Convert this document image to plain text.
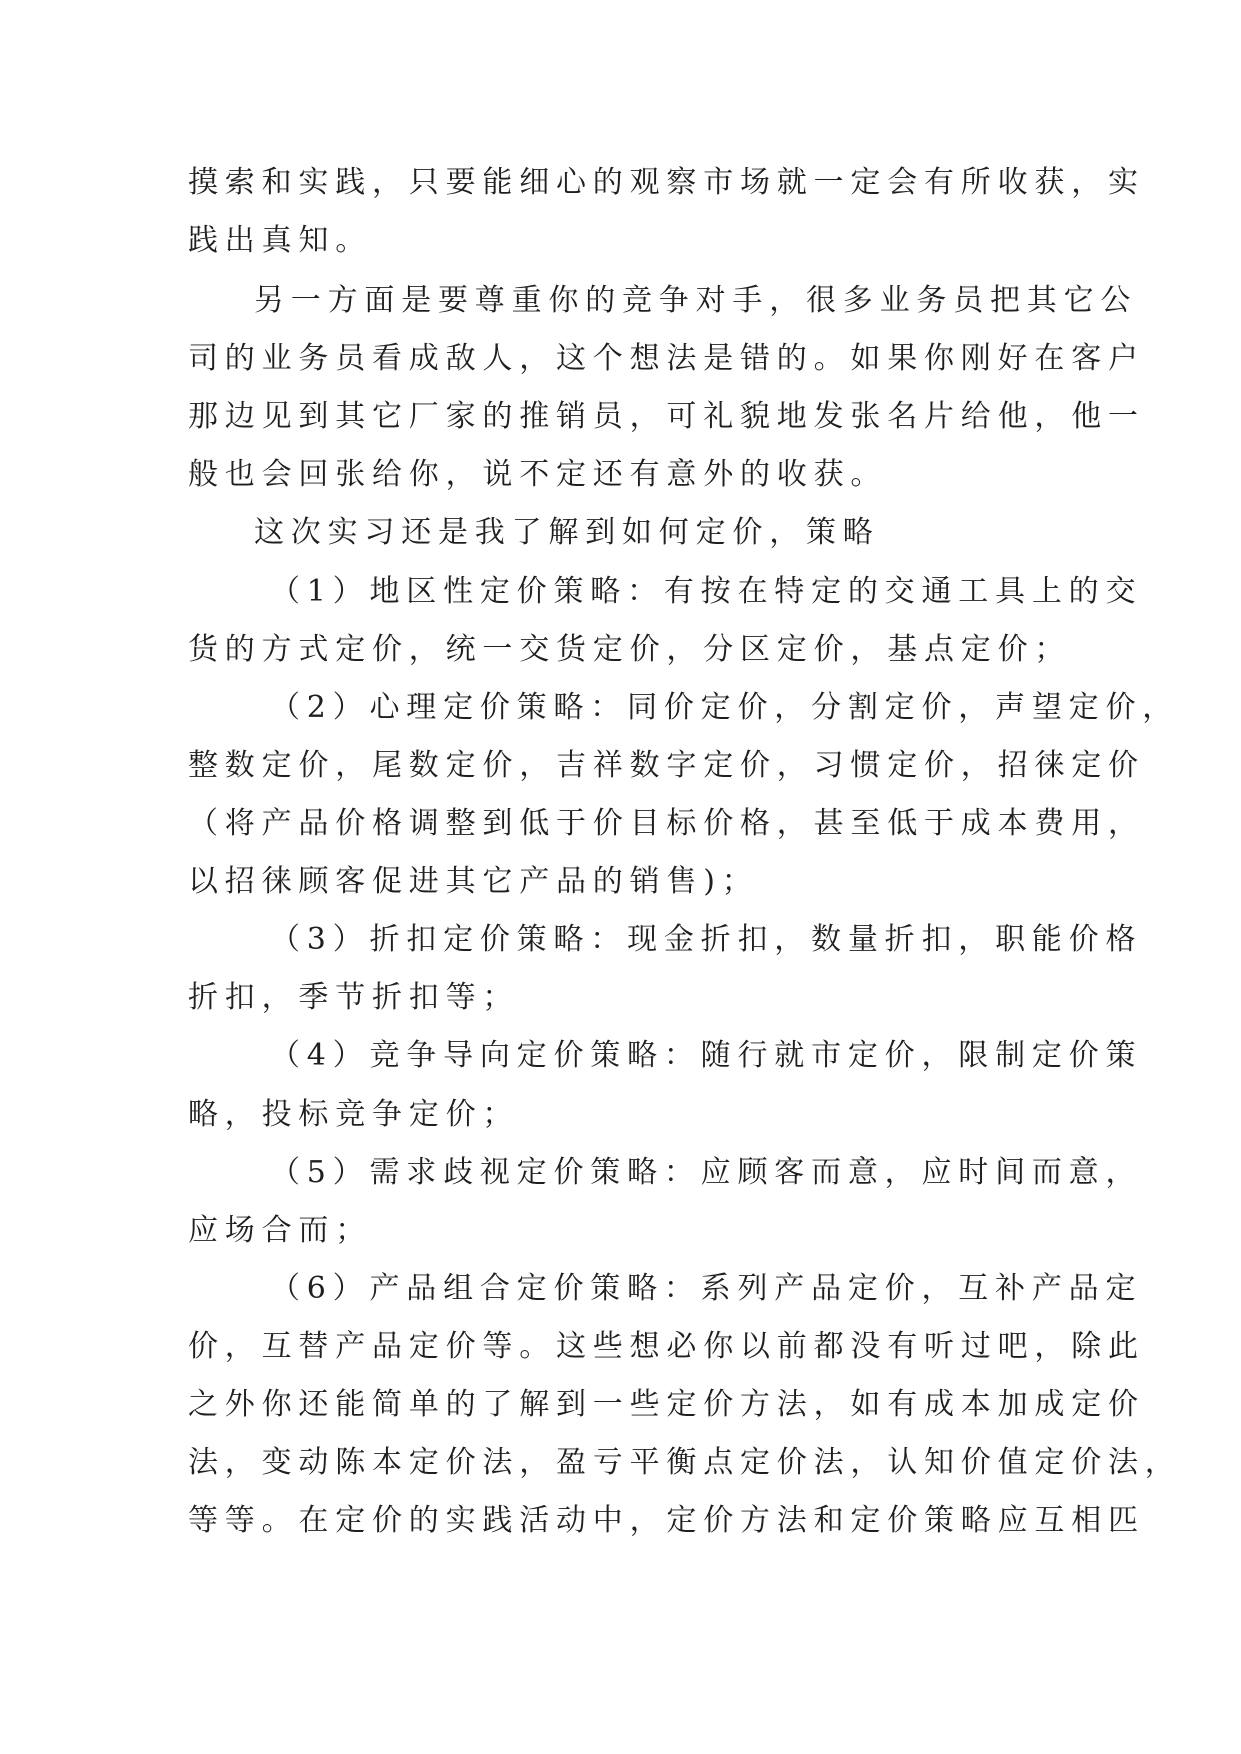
摸索和实践，只要能细心的观察市场就一定会有所收获，实
践出真知。
另一方面是要尊重你的竞争对手，很多业务员把其它公
司的业务员看成敌人，这个想法是错的。如果你刚好在客户
那边见到其它厂家的推销员，可礼貌地发张名片给他，他一
般也会回张给你，说不定还有意外的收获。
这次实习还是我了解到如何定价，策略
（1）地区性定价策略：有按在特定的交通工具上的交
货的方式定价，统一交货定价，分区定价，基点定价；
（2）心理定价策略：同价定价，分割定价，声望定价，
整数定价，尾数定价，吉祥数字定价，习惯定价，招徕定价
（将产品价格调整到低于价目标价格，甚至低于成本费用，
以招徕顾客促进其它产品的销售)；
（3）折扣定价策略：现金折扣，数量折扣，职能价格
折扣，季节折扣等；
（4）竞争导向定价策略：随行就市定价，限制定价策
略，投标竞争定价；
（5）需求歧视定价策略：应顾客而意，应时间而意，
应场合而；
（6）产品组合定价策略：系列产品定价，互补产品定
价，互替产品定价等。这些想必你以前都没有听过吧，除此
之外你还能简单的了解到一些定价方法，如有成本加成定价
法，变动陈本定价法，盈亏平衡点定价法，认知价值定价法，
等等。在定价的实践活动中，定价方法和定价策略应互相匹
